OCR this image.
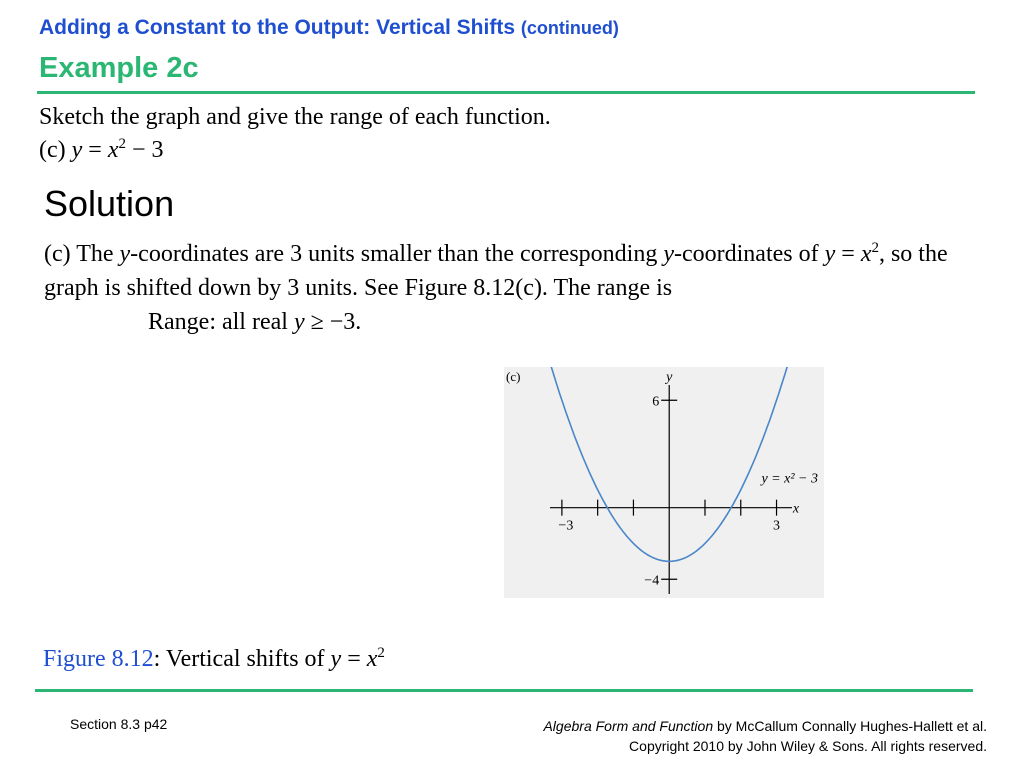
Adding a Constant to the Output: Vertical Shifts (continued)
Example 2c
Sketch the graph and give the range of each function.
(c) $y = x^2 - 3$
Solution
(c) The y-coordinates are 3 units smaller than the corresponding y-coordinates of $y = x^2$, so the graph is shifted down by 3 units. See Figure 8.12(c). The range is
Range: all real y ≥ −3.
(c)
−3	3
6
−4
y
x
y = x² − 3
Figure 8.12: Vertical shifts of $y = x^2$
Section 8.3 p42	Algebra Form and Function by McCallum Connally Hughes-Hallett et al.
Copyright 2010 by John Wiley & Sons. All rights reserved.
